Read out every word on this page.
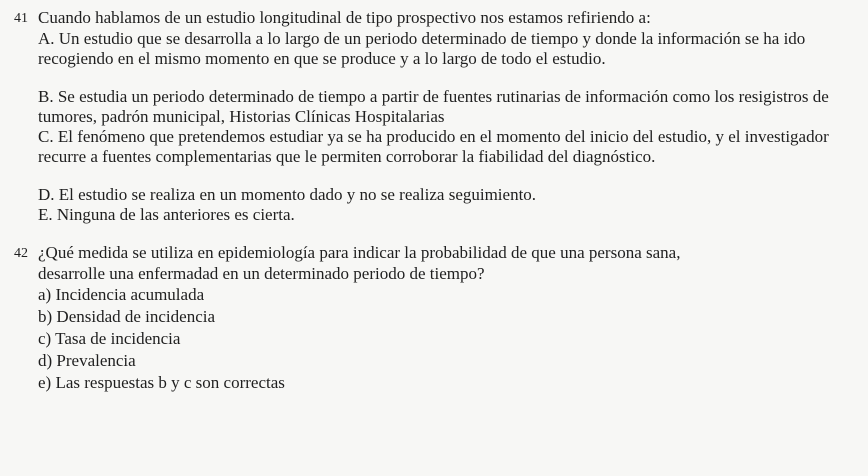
41 Cuando hablamos de un estudio longitudinal de tipo prospectivo nos estamos refiriendo a:
A. Un estudio que se desarrolla a lo largo de un periodo determinado de tiempo y donde la información se ha ido recogiendo en el mismo momento en que se produce y a lo largo de todo el estudio.
B. Se estudia un periodo determinado de tiempo a partir de fuentes rutinarias de información como los resigistros de tumores, padrón municipal, Historias Clínicas Hospitalarias
C. El fenómeno que pretendemos estudiar ya se ha producido en el momento del inicio del estudio, y el investigador recurre a fuentes complementarias que le permiten corroborar la fiabilidad del diagnóstico.
D. El estudio se realiza en un momento dado y no se realiza seguimiento.
E. Ninguna de las anteriores es cierta.
42 ¿Qué medida se utiliza en epidemiología para indicar la probabilidad de que una persona sana,
desarrolle una enfermadad en un determinado periodo de tiempo?
a) Incidencia acumulada
b) Densidad de incidencia
c) Tasa de incidencia
d) Prevalencia
e) Las respuestas b y c son correctas
